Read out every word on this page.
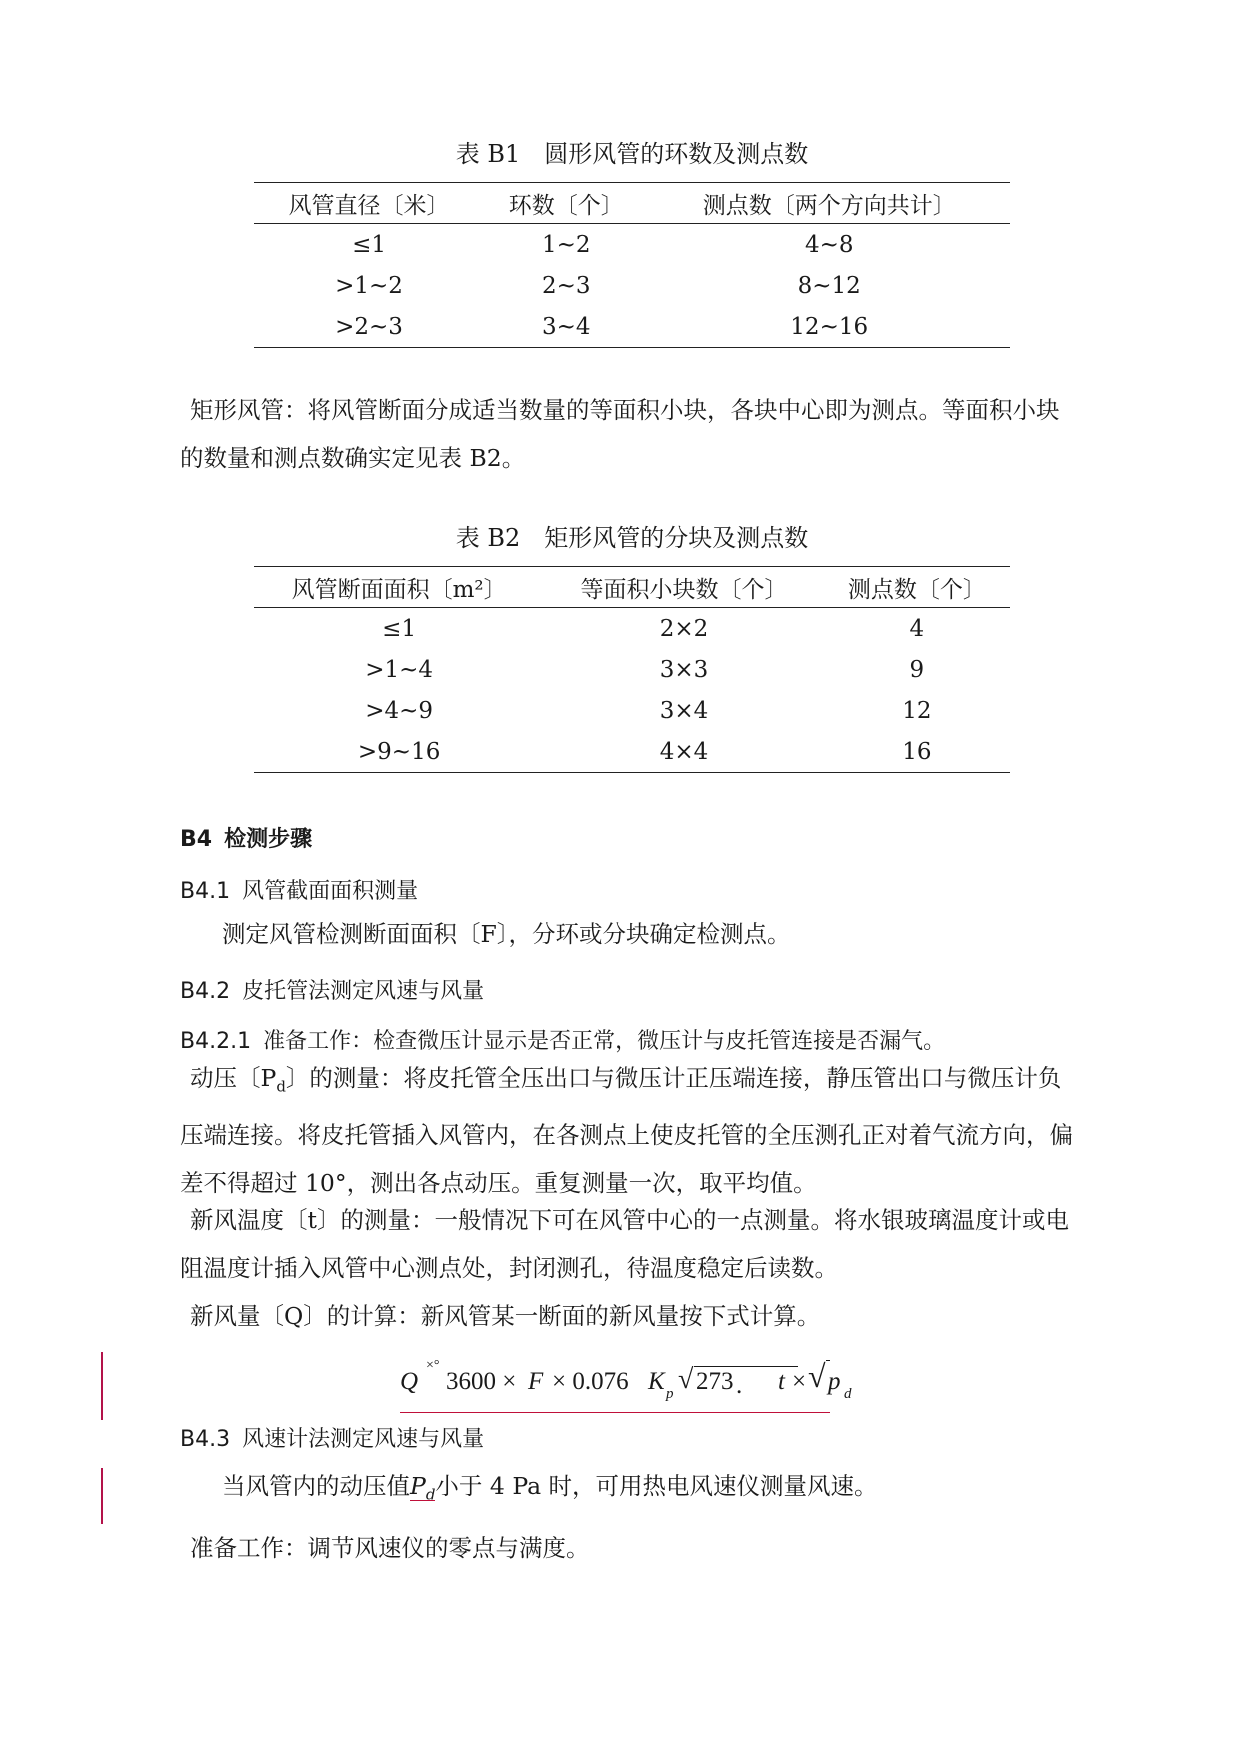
表 B1　圆形风管的环数及测点数
风管直径〔米〕	环数〔个〕	测点数〔两个方向共计〕
≤1	1~2	4~8
>1~2	2~3	8~12
>2~3	3~4	12~16
矩形风管：将风管断面分成适当数量的等面积小块，各块中心即为测点。等面积小块的数量和测点数确实定见表 B2。
表 B2　矩形风管的分块及测点数
风管断面面积〔m²〕	等面积小块数〔个〕	测点数〔个〕
≤1	2×2	4
>1~4	3×3	9
>4~9	3×4	12
>9~16	4×4	16
B4 检测步骤
B4.1 风管截面面积测量
测定风管检测断面面积〔F〕，分环或分块确定检测点。
B4.2 皮托管法测定风速与风量
B4.2.1 准备工作：检查微压计显示是否正常，微压计与皮托管连接是否漏气。
动压〔$P_d$〕的测量：将皮托管全压出口与微压计正压端连接，静压管出口与微压计负压端连接。将皮托管插入风管内，在各测点上使皮托管的全压测孔正对着气流方向，偏差不得超过 10°，测出各点动压。重复测量一次，取平均值。
新风温度〔t〕的测量：一般情况下可在风管中心的一点测量。将水银玻璃温度计或电阻温度计插入风管中心测点处，封闭测孔，待温度稳定后读数。
新风量〔Q〕的计算：新风管某一断面的新风量按下式计算。
Q
×°
3600 × F × 0.076 K p √ 273 . t × √ p d
B4.3 风速计法测定风速与风量
当风管内的动压值$P_d$小于 4 Pa 时，可用热电风速仪测量风速。
准备工作：调节风速仪的零点与满度。
